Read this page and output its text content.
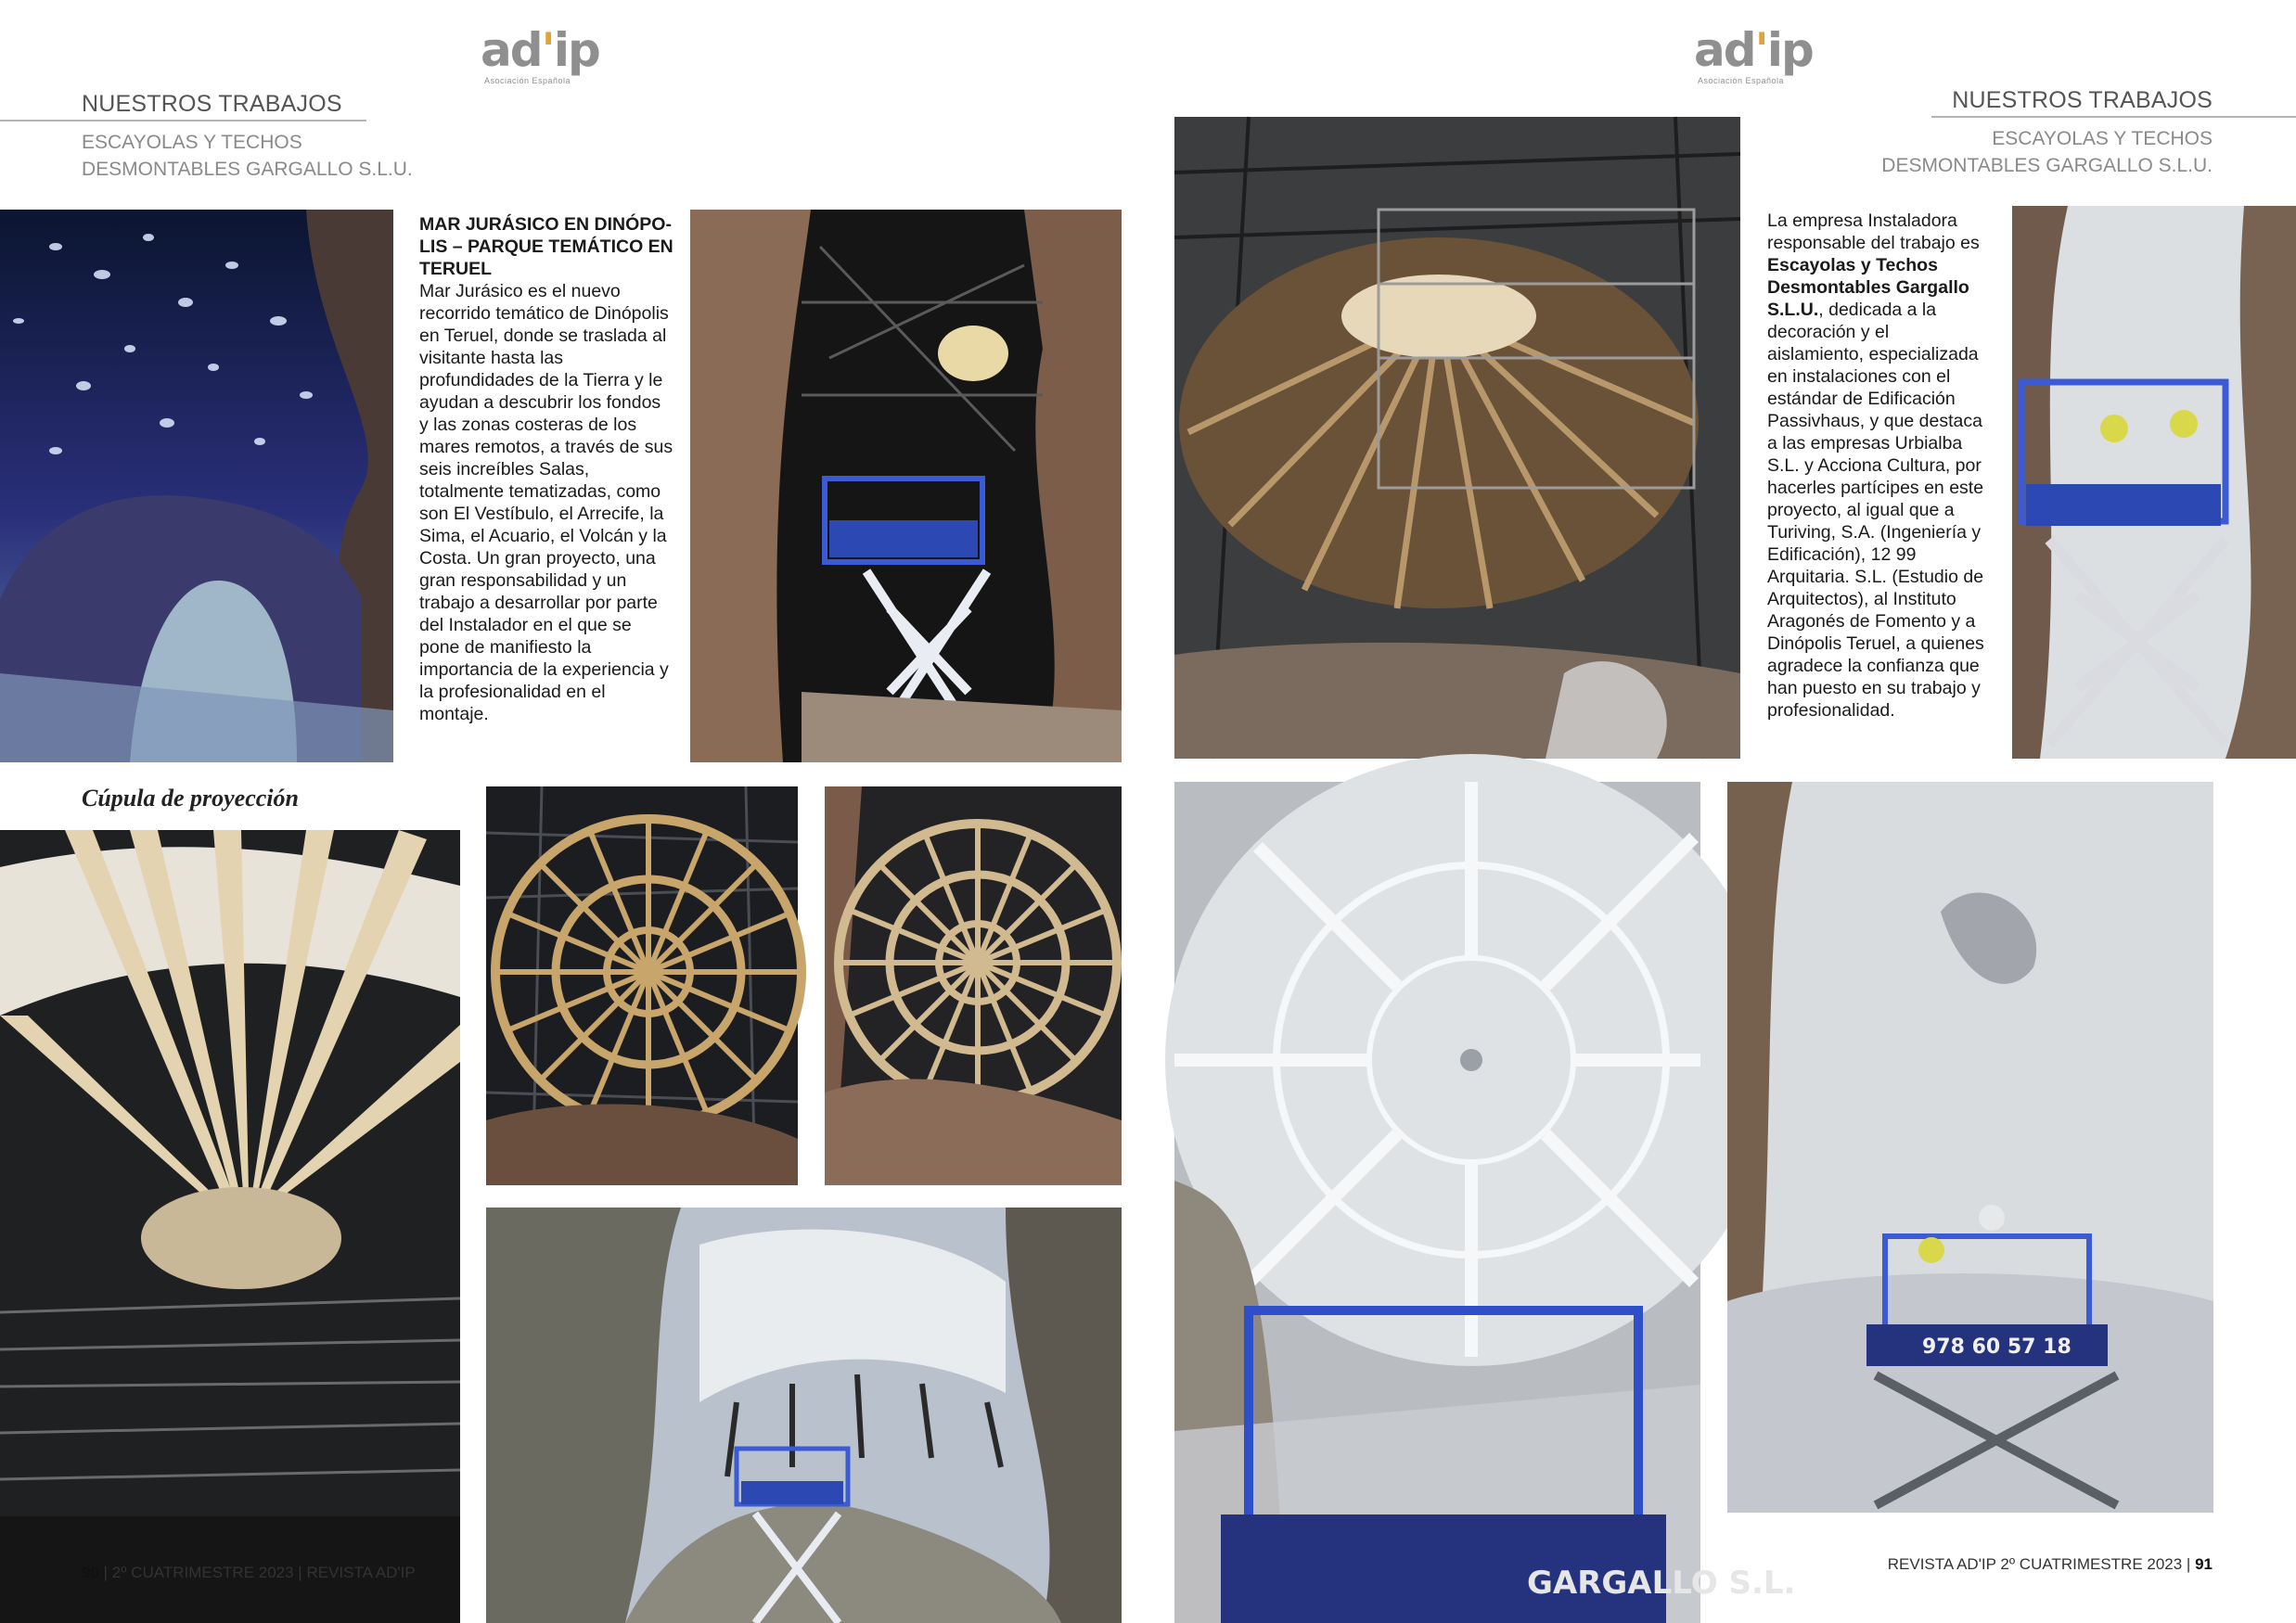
ad'ip
Asociación Española
NUESTROS TRABAJOS
ESCAYOLAS Y TECHOS
DESMONTABLES GARGALLO S.L.U.
MAR JURÁSICO EN DINÓPO-LIS – PARQUE TEMÁTICO EN TERUEL
Mar Jurásico es el nuevo recorrido temático de Dinópolis en Teruel, donde se traslada al visitante hasta las profundidades de la Tierra y le ayudan a descubrir los fondos y las zonas costeras de los mares remotos, a través de sus seis increíbles Salas, totalmente tematizadas, como son El Vestíbulo, el Arrecife, la Sima, el Acuario, el Volcán y la Costa. Un gran proyecto, una gran responsabilidad y un trabajo a desarrollar por parte del Instalador en el que se pone de manifiesto la importancia de la experiencia y la profesionalidad en el montaje.
Cúpula de proyección
90 | 2º CUATRIMESTRE 2023 | REVISTA AD'IP
ad'ip
Asociación Española
NUESTROS TRABAJOS
ESCAYOLAS Y TECHOS
DESMONTABLES GARGALLO S.L.U.
La empresa Instaladora responsable del trabajo es Escayolas y Techos Desmontables Gargallo S.L.U., dedicada a la decoración y el aislamiento, especializada en instalaciones con el estándar de Edificación Passivhaus, y que destaca a las empresas Urbialba S.L. y Acciona Cultura, por hacerles partícipes en este proyecto, al igual que a Turiving, S.A. (Ingeniería y Edificación), 12 99 Arquitaria. S.L. (Estudio de Arquitectos), al Instituto Aragonés de Fomento y a Dinópolis Teruel, a quienes agradece la confianza que han puesto en su trabajo y profesionalidad.
GARGALLO S.L.
978 60 57 18
REVISTA AD'IP 2º CUATRIMESTRE 2023 | 91
